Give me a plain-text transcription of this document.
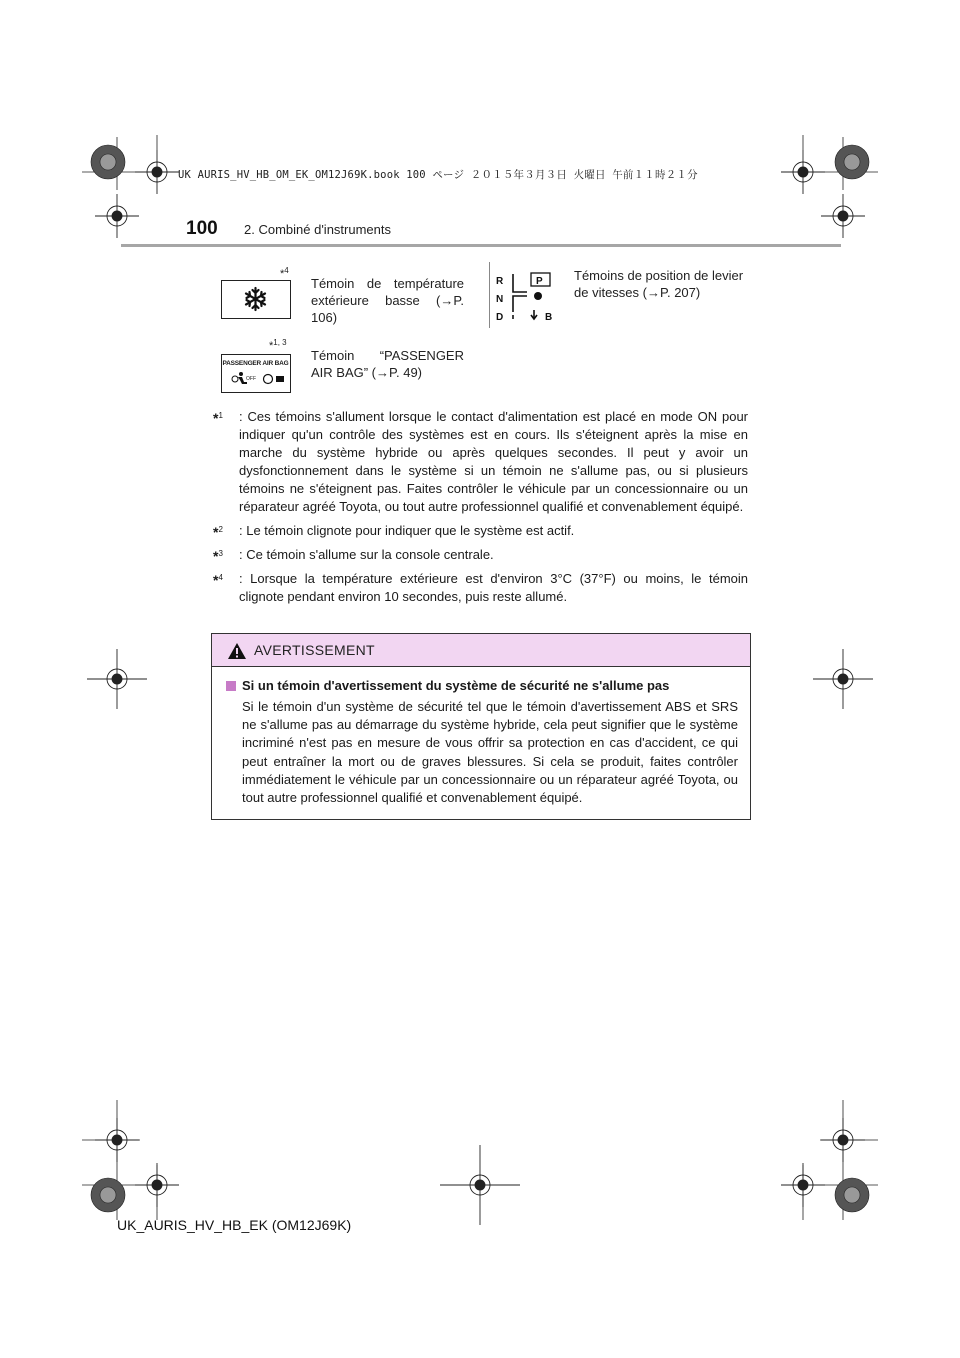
UK AURIS_HV_HB_OM_EK_OM12J69K.book 100 ページ ２０１５年３月３日 火曜日 午前１１時２１分
100 2. Combiné d'instruments
*$^4$
Témoin de température extérieure basse (→P. 106)
R
N
D	B
P Témoins de position de levier de vitesses (→P. 207)
*$^{1, 3}$
PASSENGER AIR BAG
OFF
Témoin “PASSENGER AIR BAG” (→P. 49)
*$^1$ : Ces témoins s'allument lorsque le contact d'alimentation est placé en mode ON pour indiquer qu'un contrôle des systèmes est en cours. Ils s'éteignent après la mise en marche du système hybride ou après quelques secondes. Il peut y avoir un dysfonctionnement dans le système si un témoin ne s'allume pas, ou si plusieurs témoins ne s'éteignent pas. Faites contrôler le véhicule par un concessionnaire ou un réparateur agréé Toyota, ou tout autre professionnel qualifié et convenablement équipé.
*$^2$ : Le témoin clignote pour indiquer que le système est actif.
*$^3$ : Ce témoin s'allume sur la console centrale.
*$^4$ : Lorsque la température extérieure est d'environ 3°C (37°F) ou moins, le témoin clignote pendant environ 10 secondes, puis reste allumé.
AVERTISSEMENT
Si un témoin d'avertissement du système de sécurité ne s'allume pas
Si le témoin d'un système de sécurité tel que le témoin d'avertissement ABS et SRS ne s'allume pas au démarrage du système hybride, cela peut signifier que le système incriminé n'est pas en mesure de vous offrir sa protection en cas d'accident, ce qui peut entraîner la mort ou de graves blessures. Si cela se produit, faites contrôler immédiatement le véhicule par un concessionnaire ou un réparateur agréé Toyota, ou tout autre professionnel qualifié et convenablement équipé.
UK_AURIS_HV_HB_EK (OM12J69K)
